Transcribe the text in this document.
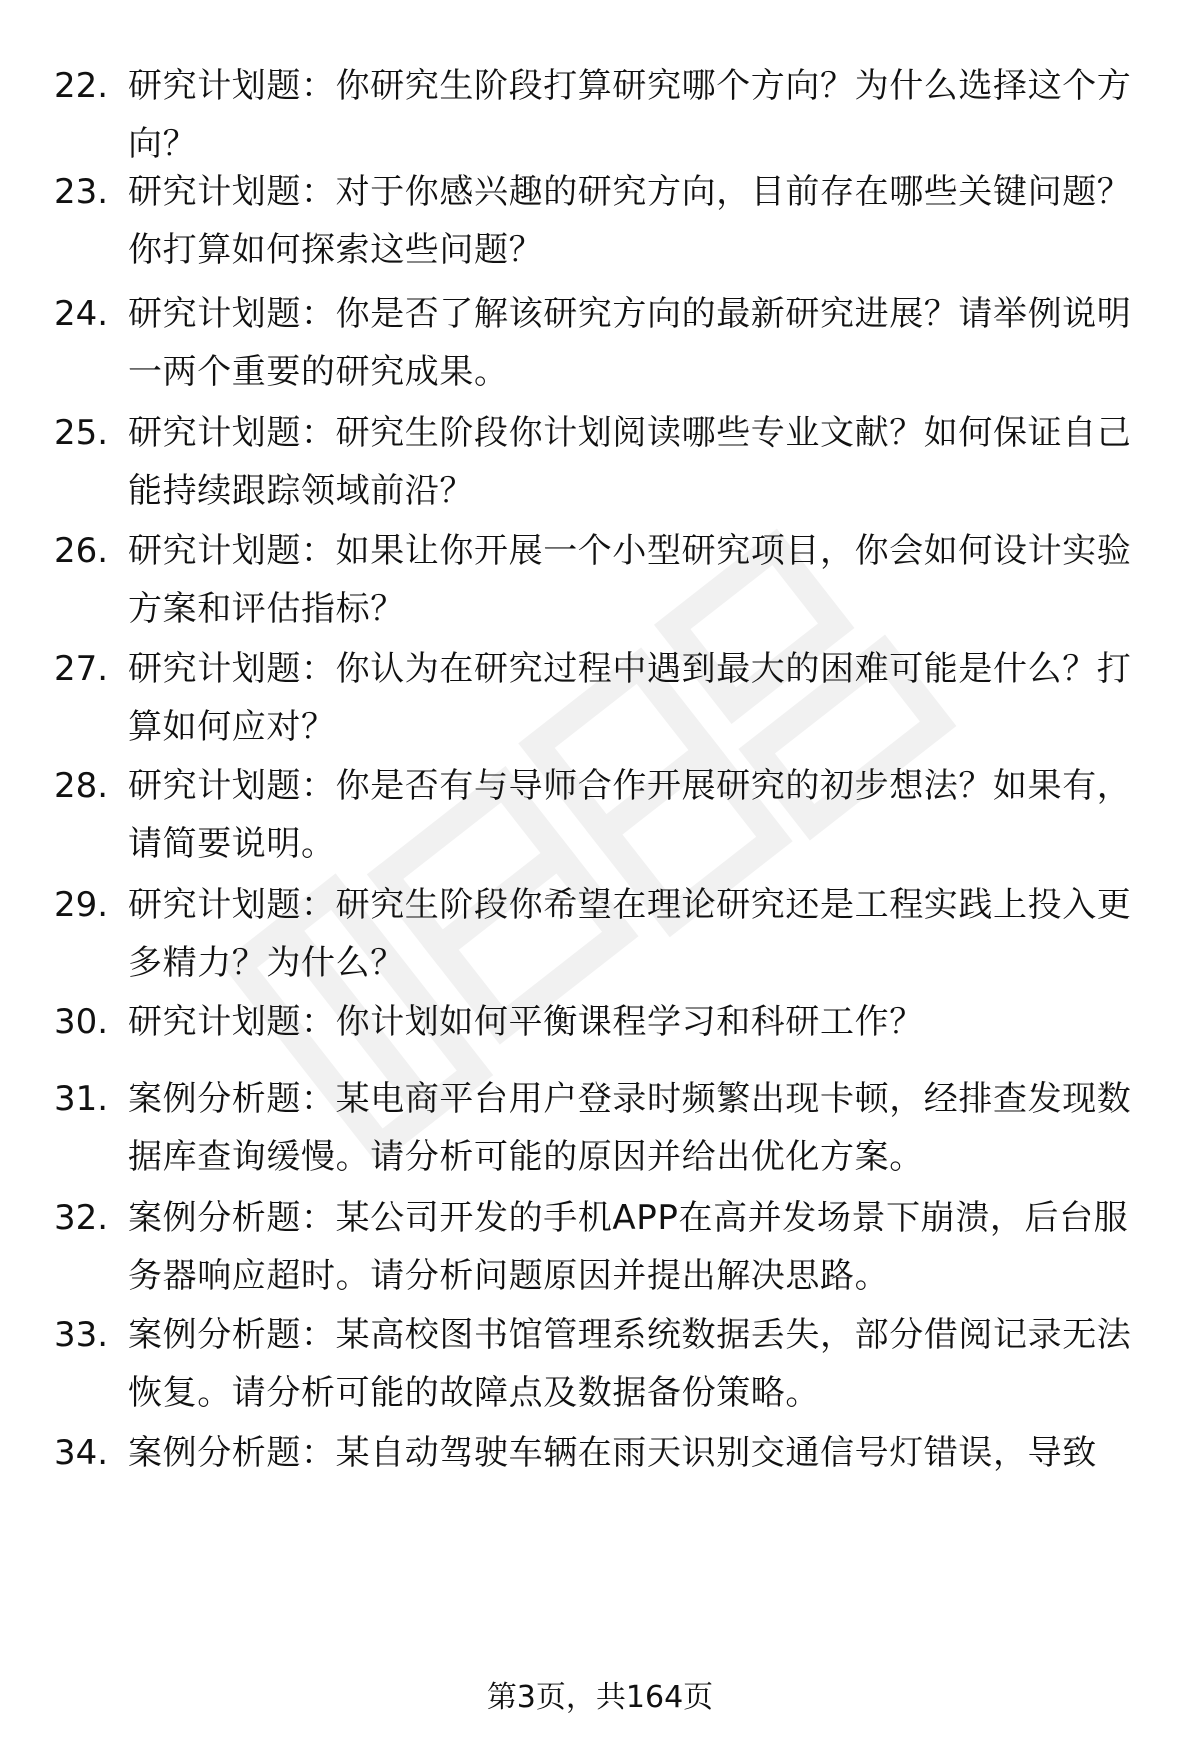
22. 研究计划题：你研究生阶段打算研究哪个方向？为什么选择这个方向？
23. 研究计划题：对于你感兴趣的研究方向，目前存在哪些关键问题？你打算如何探索这些问题？
24. 研究计划题：你是否了解该研究方向的最新研究进展？请举例说明一两个重要的研究成果。
25. 研究计划题：研究生阶段你计划阅读哪些专业文献？如何保证自己能持续跟踪领域前沿？
26. 研究计划题：如果让你开展一个小型研究项目，你会如何设计实验方案和评估指标？
27. 研究计划题：你认为在研究过程中遇到最大的困难可能是什么？打算如何应对？
28. 研究计划题：你是否有与导师合作开展研究的初步想法？如果有，请简要说明。
29. 研究计划题：研究生阶段你希望在理论研究还是工程实践上投入更多精力？为什么？
30. 研究计划题：你计划如何平衡课程学习和科研工作？
31. 案例分析题：某电商平台用户登录时频繁出现卡顿，经排查发现数据库查询缓慢。请分析可能的原因并给出优化方案。
32. 案例分析题：某公司开发的手机APP在高并发场景下崩溃，后台服务器响应超时。请分析问题原因并提出解决思路。
33. 案例分析题：某高校图书馆管理系统数据丢失，部分借阅记录无法恢复。请分析可能的故障点及数据备份策略。
34. 案例分析题：某自动驾驶车辆在雨天识别交通信号灯错误，导致
第3页，共164页
